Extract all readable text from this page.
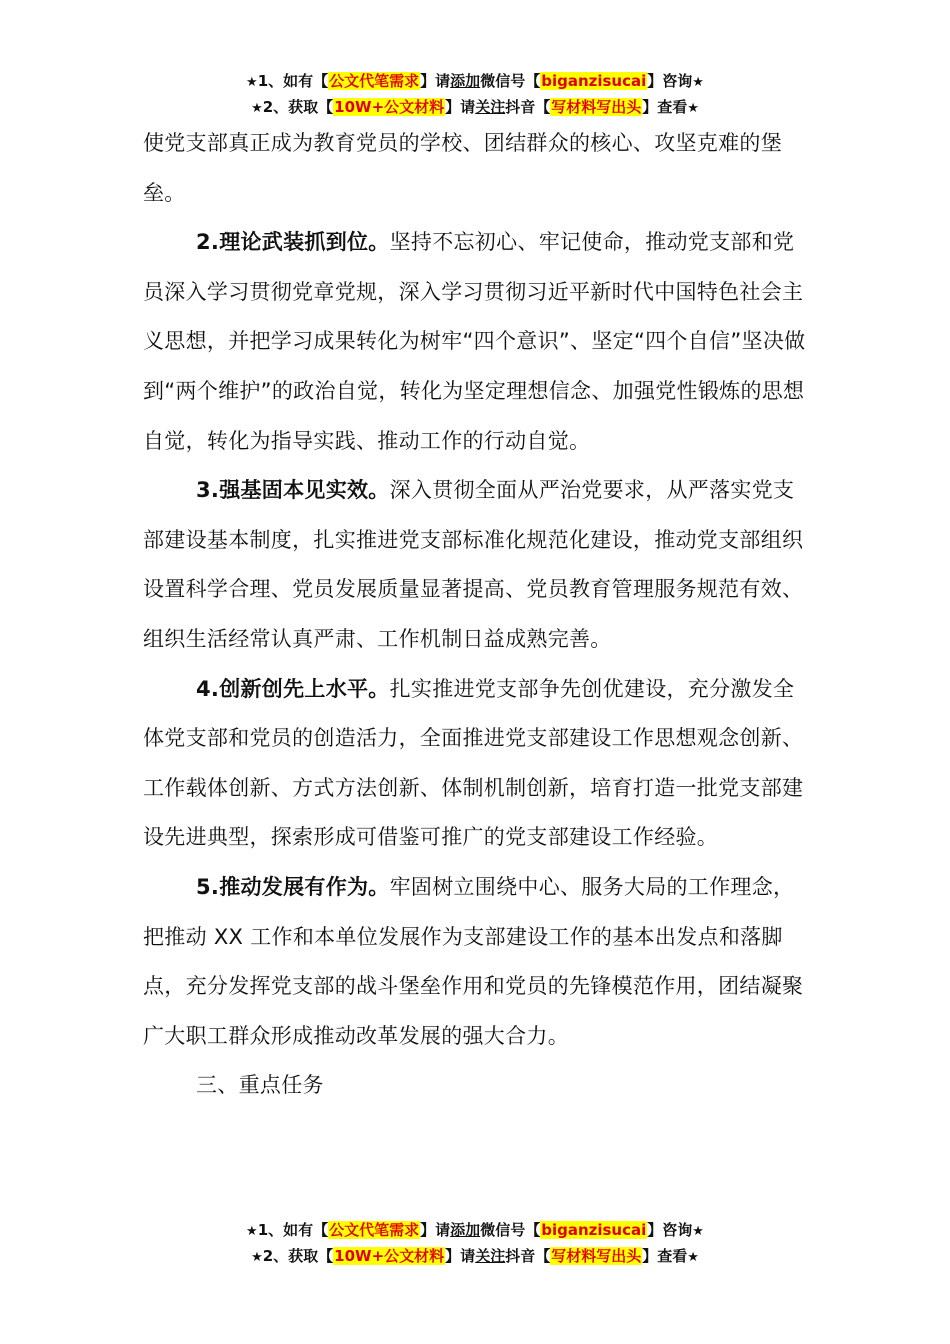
★1、如有【公文代笔需求】请添加微信号【biganzisucai】咨询★
★2、获取【10W+公文材料】请关注抖音【写材料写出头】查看★

使党支部真正成为教育党员的学校、团结群众的核心、攻坚克难的堡垒。

2.理论武装抓到位。坚持不忘初心、牢记使命，推动党支部和党员深入学习贯彻党章党规，深入学习贯彻习近平新时代中国特色社会主义思想，并把学习成果转化为树牢“四个意识”、坚定“四个自信”坚决做到“两个维护”的政治自觉，转化为坚定理想信念、加强党性锻炼的思想自觉，转化为指导实践、推动工作的行动自觉。

3.强基固本见实效。深入贯彻全面从严治党要求，从严落实党支部建设基本制度，扎实推进党支部标准化规范化建设，推动党支部组织设置科学合理、党员发展质量显著提高、党员教育管理服务规范有效、组织生活经常认真严肃、工作机制日益成熟完善。

4.创新创先上水平。扎实推进党支部争先创优建设，充分激发全体党支部和党员的创造活力，全面推进党支部建设工作思想观念创新、工作载体创新、方式方法创新、体制机制创新，培育打造一批党支部建设先进典型，探索形成可借鉴可推广的党支部建设工作经验。

5.推动发展有作为。牢固树立围绕中心、服务大局的工作理念，把推动 XX 工作和本单位发展作为支部建设工作的基本出发点和落脚点，充分发挥党支部的战斗堡垒作用和党员的先锋模范作用，团结凝聚广大职工群众形成推动改革发展的强大合力。

三、重点任务

★1、如有【公文代笔需求】请添加微信号【biganzisucai】咨询★
★2、获取【10W+公文材料】请关注抖音【写材料写出头】查看★
